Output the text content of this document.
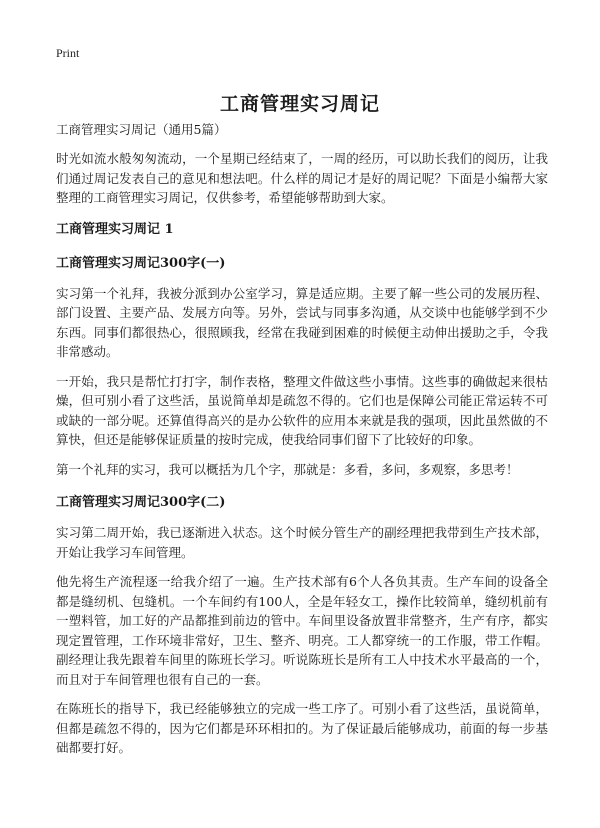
Print
工商管理实习周记
工商管理实习周记（通用5篇）

时光如流水般匆匆流动，一个星期已经结束了，一周的经历，可以助长我们的阅历，让我们通过周记发表自己的意见和想法吧。什么样的周记才是好的周记呢？下面是小编帮大家整理的工商管理实习周记，仅供参考，希望能够帮助到大家。

工商管理实习周记 1
工商管理实习周记300字(一)

实习第一个礼拜，我被分派到办公室学习，算是适应期。主要了解一些公司的发展历程、部门设置、主要产品、发展方向等。另外，尝试与同事多沟通，从交谈中也能够学到不少东西。同事们都很热心，很照顾我，经常在我碰到困难的时候便主动伸出援助之手，令我非常感动。

一开始，我只是帮忙打打字，制作表格，整理文件做这些小事情。这些事的确做起来很枯燥，但可别小看了这些活，虽说简单却是疏忽不得的。它们也是保障公司能正常运转不可或缺的一部分呢。还算值得高兴的是办公软件的应用本来就是我的强项，因此虽然做的不算快，但还是能够保证质量的按时完成，使我给同事们留下了比较好的印象。

第一个礼拜的实习，我可以概括为几个字，那就是：多看，多问，多观察，多思考！

工商管理实习周记300字(二)

实习第二周开始，我已逐渐进入状态。这个时候分管生产的副经理把我带到生产技术部，开始让我学习车间管理。

他先将生产流程逐一给我介绍了一遍。生产技术部有6个人各负其责。生产车间的设备全都是缝纫机、包缝机。一个车间约有100人，全是年轻女工，操作比较简单，缝纫机前有一塑料管，加工好的产品都推到前边的管中。车间里设备放置非常整齐，生产有序，都实现定置管理，工作环境非常好，卫生、整齐、明亮。工人都穿统一的工作服，带工作帽。副经理让我先跟着车间里的陈班长学习。听说陈班长是所有工人中技术水平最高的一个，而且对于车间管理也很有自己的一套。

在陈班长的指导下，我已经能够独立的完成一些工序了。可别小看了这些活，虽说简单，但都是疏忽不得的，因为它们都是环环相扣的。为了保证最后能够成功，前面的每一步基础都要打好。
